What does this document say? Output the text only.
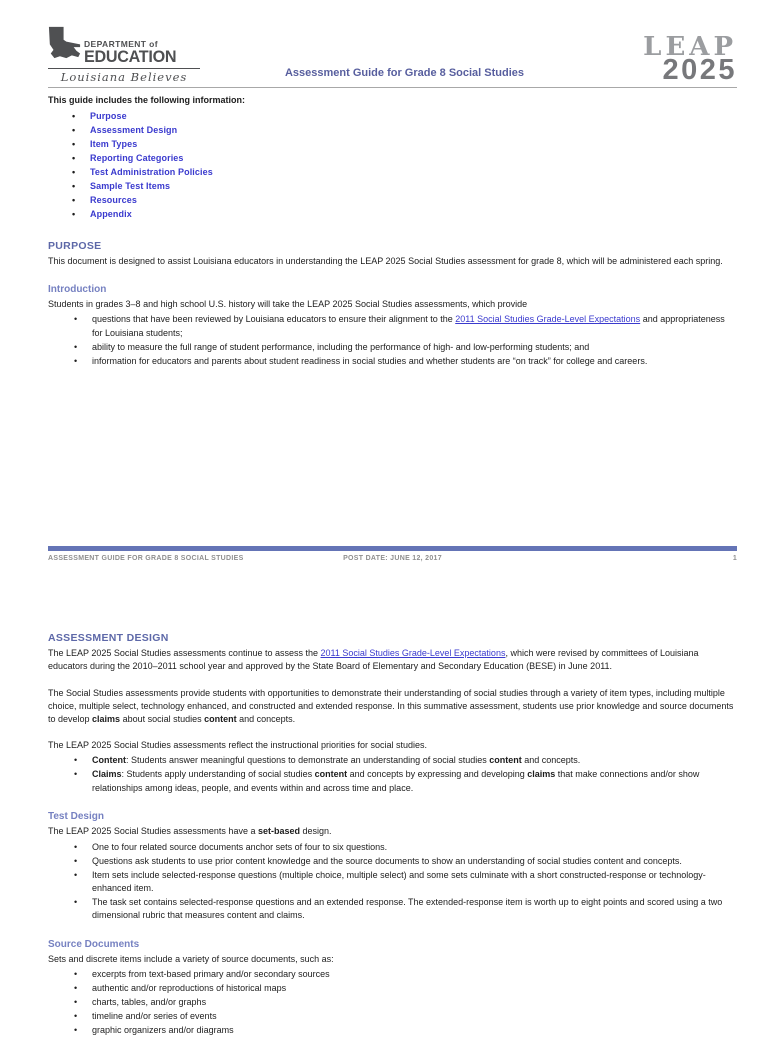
DEPARTMENT of
EDUCATION
Louisiana Believes	Assessment Guide for Grade 8 Social Studies
LEAP
2025

This guide includes the following information:

• Purpose
• Assessment Design
• Item Types
• Reporting Categories
• Test Administration Policies
• Sample Test Items
• Resources
• Appendix
PURPOSE

This document is designed to assist Louisiana educators in understanding the LEAP 2025 Social Studies assessment for grade 8, which will be administered each spring.

Introduction

Students in grades 3–8 and high school U.S. history will take the LEAP 2025 Social Studies assessments, which provide

• questions that have been reviewed by Louisiana educators to ensure their alignment to the 2011 Social Studies Grade-Level Expectations and appropriateness for Louisiana students;
• ability to measure the full range of student performance, including the performance of high- and low-performing students; and
• information for educators and parents about student readiness in social studies and whether students are “on track” for college and careers.
ASSESSMENT GUIDE FOR GRADE 8 SOCIAL STUDIES	POST DATE: JUNE 12, 2017	1
ASSESSMENT DESIGN

The LEAP 2025 Social Studies assessments continue to assess the 2011 Social Studies Grade-Level Expectations, which were revised by committees of Louisiana educators during the 2010–2011 school year and approved by the State Board of Elementary and Secondary Education (BESE) in June 2011.

The Social Studies assessments provide students with opportunities to demonstrate their understanding of social studies through a variety of item types, including multiple choice, multiple select, technology enhanced, and constructed and extended response. In this summative assessment, students use prior knowledge and source documents to develop claims about social studies content and concepts.

The LEAP 2025 Social Studies assessments reflect the instructional priorities for social studies.

• Content: Students answer meaningful questions to demonstrate an understanding of social studies content and concepts.
• Claims: Students apply understanding of social studies content and concepts by expressing and developing claims that make connections and/or show relationships among ideas, people, and events within and across time and place.
Test Design

The LEAP 2025 Social Studies assessments have a set-based design.

• One to four related source documents anchor sets of four to six questions.
• Questions ask students to use prior content knowledge and the source documents to show an understanding of social studies content and concepts.
• Item sets include selected-response questions (multiple choice, multiple select) and some sets culminate with a short constructed-response or technology-enhanced item.
• The task set contains selected-response questions and an extended response. The extended-response item is worth up to eight points and scored using a two dimensional rubric that measures content and claims.
Source Documents

Sets and discrete items include a variety of source documents, such as:

• excerpts from text-based primary and/or secondary sources
• authentic and/or reproductions of historical maps
• charts, tables, and/or graphs
• timeline and/or series of events
• graphic organizers and/or diagrams
